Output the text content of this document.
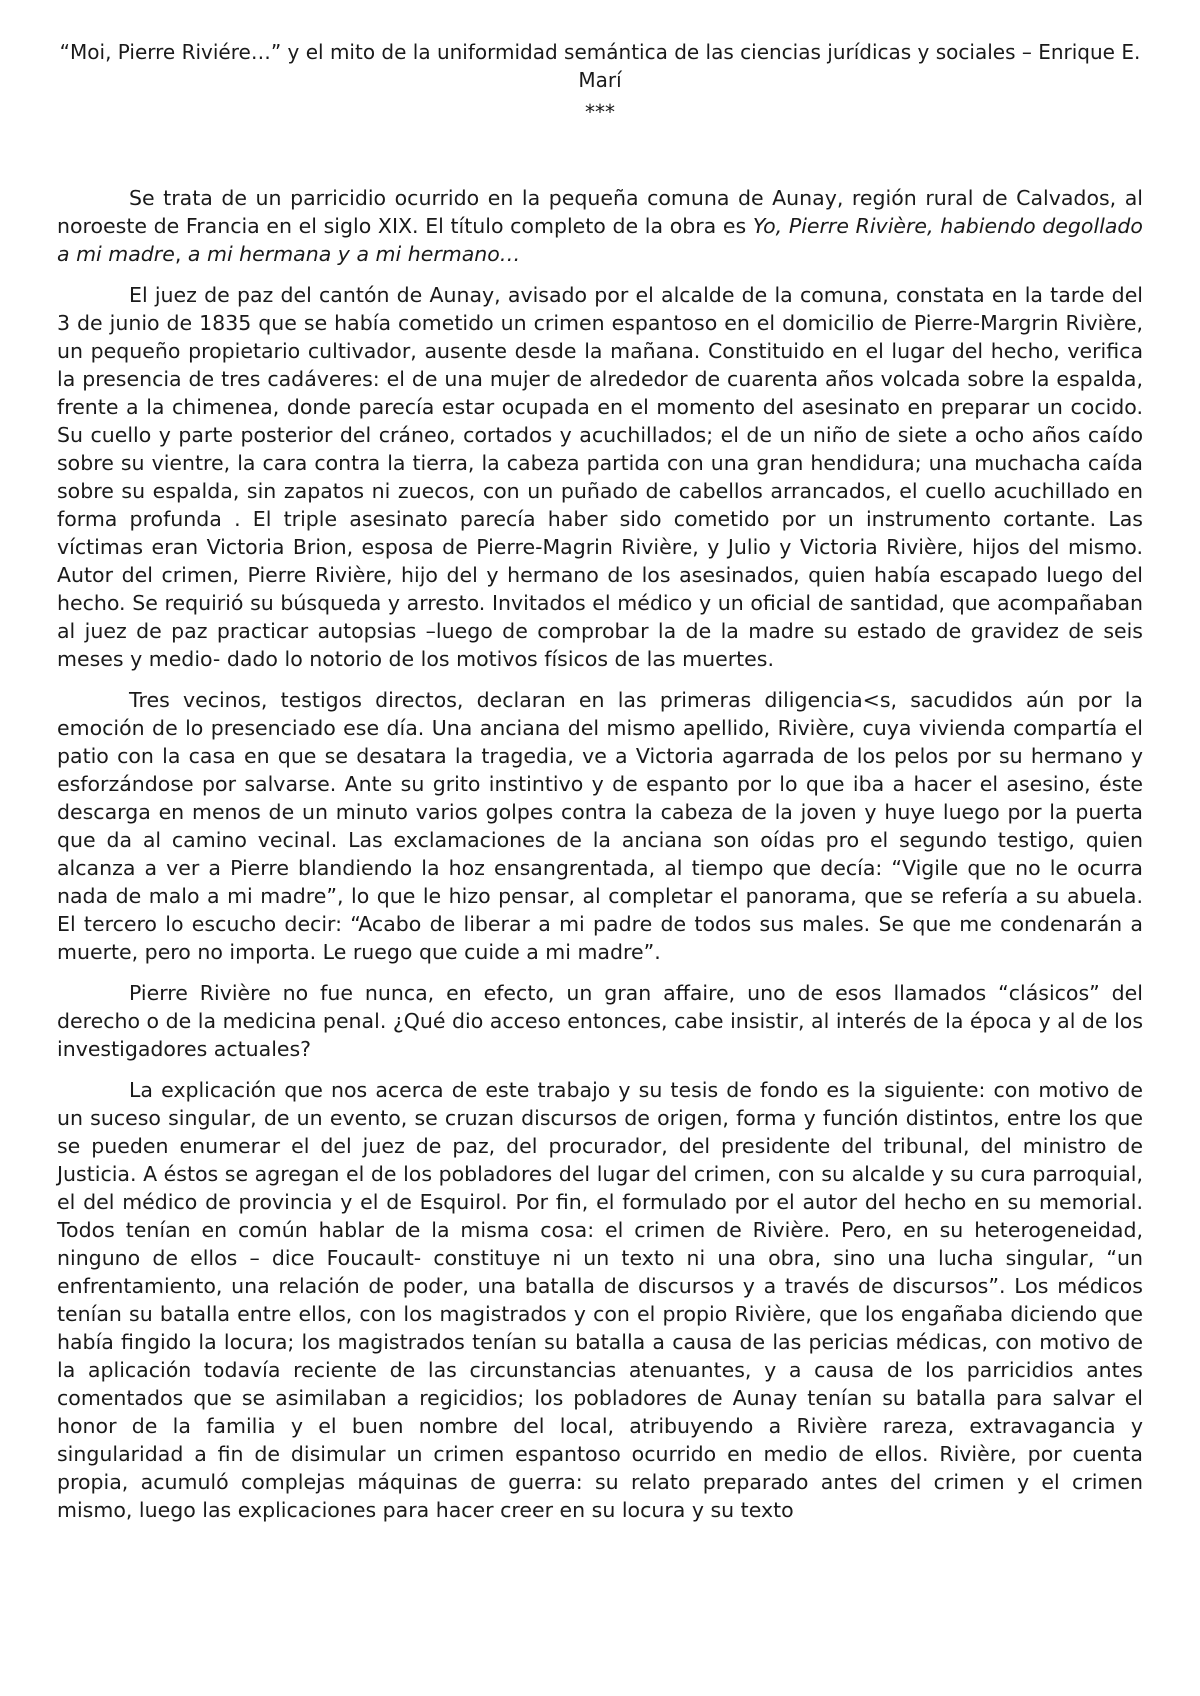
“Moi, Pierre Riviére…” y el mito de la uniformidad semántica de las ciencias jurídicas y sociales – Enrique E. Marí

***

Se trata de un parricidio ocurrido en la pequeña comuna de Aunay, región rural de Calvados, al noroeste de Francia en el siglo XIX. El título completo de la obra es Yo, Pierre Rivière, habiendo degollado a mi madre, a mi hermana y a mi hermano…

El juez de paz del cantón de Aunay, avisado por el alcalde de la comuna, constata en la tarde del 3 de junio de 1835 que se había cometido un crimen espantoso en el domicilio de Pierre-Margrin Rivière, un pequeño propietario cultivador, ausente desde la mañana. Constituido en el lugar del hecho, verifica la presencia de tres cadáveres: el de una mujer de alrededor de cuarenta años volcada sobre la espalda, frente a la chimenea, donde parecía estar ocupada en el momento del asesinato en preparar un cocido. Su cuello y parte posterior del cráneo, cortados y acuchillados; el de un niño de siete a ocho años caído sobre su vientre, la cara contra la tierra, la cabeza partida con una gran hendidura; una muchacha caída sobre su espalda, sin zapatos ni zuecos, con un puñado de cabellos arrancados, el cuello acuchillado en forma profunda . El triple asesinato parecía haber sido cometido por un instrumento cortante. Las víctimas eran Victoria Brion, esposa de Pierre-Magrin Rivière, y Julio y Victoria Rivière, hijos del mismo. Autor del crimen, Pierre Rivière, hijo del y hermano de los asesinados, quien había escapado luego del hecho. Se requirió su búsqueda y arresto. Invitados el médico y un oficial de santidad, que acompañaban al juez de paz practicar autopsias –luego de comprobar la de la madre su estado de gravidez de seis meses y medio- dado lo notorio de los motivos físicos de las muertes.

Tres vecinos, testigos directos, declaran en las primeras diligencia<s, sacudidos aún por la emoción de lo presenciado ese día. Una anciana del mismo apellido, Rivière, cuya vivienda compartía el patio con la casa en que se desatara la tragedia, ve a Victoria agarrada de los pelos por su hermano y esforzándose por salvarse. Ante su grito instintivo y de espanto por lo que iba a hacer el asesino, éste descarga en menos de un minuto varios golpes contra la cabeza de la joven y huye luego por la puerta que da al camino vecinal. Las exclamaciones de la anciana son oídas pro el segundo testigo, quien alcanza a ver a Pierre blandiendo la hoz ensangrentada, al tiempo que decía: “Vigile que no le ocurra nada de malo a mi madre”, lo que le hizo pensar, al completar el panorama, que se refería a su abuela. El tercero lo escucho decir: “Acabo de liberar a mi padre de todos sus males. Se que me condenarán a muerte, pero no importa. Le ruego que cuide a mi madre”.

Pierre Rivière no fue nunca, en efecto, un gran affaire, uno de esos llamados “clásicos” del derecho o de la medicina penal. ¿Qué dio acceso entonces, cabe insistir, al interés de la época y al de los investigadores actuales?

La explicación que nos acerca de este trabajo y su tesis de fondo es la siguiente: con motivo de un suceso singular, de un evento, se cruzan discursos de origen, forma y función distintos, entre los que se pueden enumerar el del juez de paz, del procurador, del presidente del tribunal, del ministro de Justicia. A éstos se agregan el de los pobladores del lugar del crimen, con su alcalde y su cura parroquial, el del médico de provincia y el de Esquirol. Por fin, el formulado por el autor del hecho en su memorial. Todos tenían en común hablar de la misma cosa: el crimen de Rivière. Pero, en su heterogeneidad, ninguno de ellos – dice Foucault- constituye ni un texto ni una obra, sino una lucha singular, “un enfrentamiento, una relación de poder, una batalla de discursos y a través de discursos”. Los médicos tenían su batalla entre ellos, con los magistrados y con el propio Rivière, que los engañaba diciendo que había fingido la locura; los magistrados tenían su batalla a causa de las pericias médicas, con motivo de la aplicación todavía reciente de las circunstancias atenuantes, y a causa de los parricidios antes comentados que se asimilaban a regicidios; los pobladores de Aunay tenían su batalla para salvar el honor de la familia y el buen nombre del local, atribuyendo a Rivière rareza, extravagancia y singularidad a fin de disimular un crimen espantoso ocurrido en medio de ellos. Rivière, por cuenta propia, acumuló complejas máquinas de guerra: su relato preparado antes del crimen y el crimen mismo, luego las explicaciones para hacer creer en su locura y su texto
